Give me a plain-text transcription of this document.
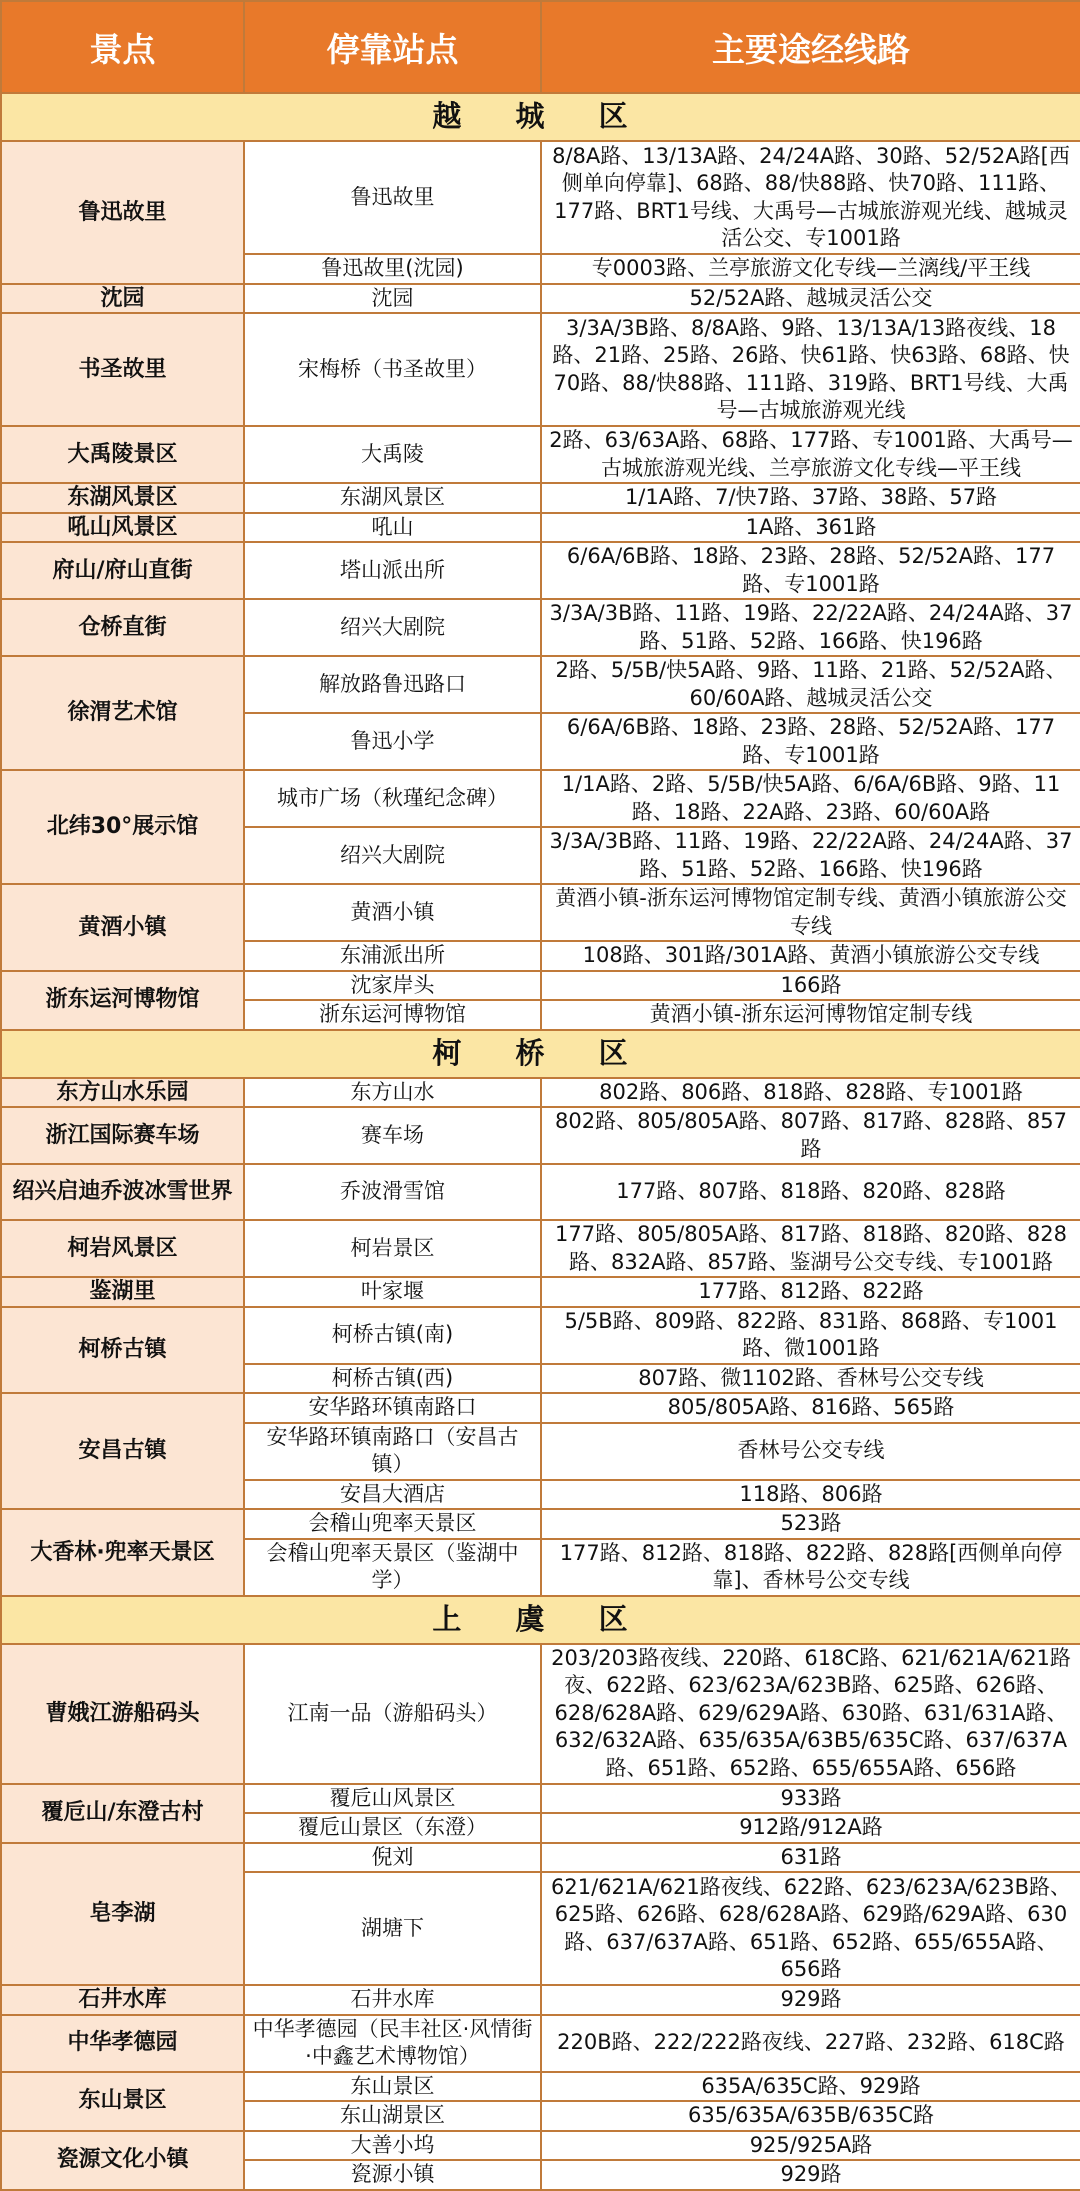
景点	停靠站点	主要途经线路
越 城 区		
鲁迅故里	鲁迅故里	8/8A路、13/13A路、24/24A路、30路、52/52A路[西侧单向停靠]、68路、88/快88路、快70路、111路、177路、BRT1号线、大禹号—古城旅游观光线、越城灵活公交、专1001路
	鲁迅故里(沈园)	专0003路、兰亭旅游文化专线—兰漓线/平王线
沈园	沈园	52/52A路、越城灵活公交
书圣故里	宋梅桥（书圣故里）	3/3A/3B路、8/8A路、9路、13/13A/13路夜线、18路、21路、25路、26路、快61路、快63路、68路、快70路、88/快88路、111路、319路、BRT1号线、大禹号—古城旅游观光线
大禹陵景区	大禹陵	2路、63/63A路、68路、177路、专1001路、大禹号—古城旅游观光线、兰亭旅游文化专线—平王线
东湖风景区	东湖风景区	1/1A路、7/快7路、37路、38路、57路
吼山风景区	吼山	1A路、361路
府山/府山直街	塔山派出所	6/6A/6B路、18路、23路、28路、52/52A路、177路、专1001路
仓桥直街	绍兴大剧院	3/3A/3B路、11路、19路、22/22A路、24/24A路、37路、51路、52路、166路、快196路
徐渭艺术馆	解放路鲁迅路口	2路、5/5B/快5A路、9路、11路、21路、52/52A路、60/60A路、越城灵活公交
	鲁迅小学	6/6A/6B路、18路、23路、28路、52/52A路、177路、专1001路
北纬30°展示馆	城市广场（秋瑾纪念碑）	1/1A路、2路、5/5B/快5A路、6/6A/6B路、9路、11路、18路、22A路、23路、60/60A路
	绍兴大剧院	3/3A/3B路、11路、19路、22/22A路、24/24A路、37路、51路、52路、166路、快196路
黄酒小镇	黄酒小镇	黄酒小镇-浙东运河博物馆定制专线、黄酒小镇旅游公交专线
	东浦派出所	108路、301路/301A路、黄酒小镇旅游公交专线
浙东运河博物馆	沈家岸头	166路
	浙东运河博物馆	黄酒小镇-浙东运河博物馆定制专线
柯 桥 区		
东方山水乐园	东方山水	802路、806路、818路、828路、专1001路
浙江国际赛车场	赛车场	802路、805/805A路、807路、817路、828路、857路
绍兴启迪乔波冰雪世界	乔波滑雪馆	177路、807路、818路、820路、828路
柯岩风景区	柯岩景区	177路、805/805A路、817路、818路、820路、828路、832A路、857路、鉴湖号公交专线、专1001路
鉴湖里	叶家堰	177路、812路、822路
柯桥古镇	柯桥古镇(南)	5/5B路、809路、822路、831路、868路、专1001路、微1001路
	柯桥古镇(西)	807路、微1102路、香林号公交专线
安昌古镇	安华路环镇南路口	805/805A路、816路、565路
	安华路环镇南路口（安昌古镇）	香林号公交专线
	安昌大酒店	118路、806路
大香林·兜率天景区	会稽山兜率天景区	523路
	会稽山兜率天景区（鉴湖中学）	177路、812路、818路、822路、828路[西侧单向停靠]、香林号公交专线
上 虞 区		
曹娥江游船码头	江南一品（游船码头）	203/203路夜线、220路、618C路、621/621A/621路夜、622路、623/623A/623B路、625路、626路、628/628A路、629/629A路、630路、631/631A路、632/632A路、635/635A/63B5/635C路、637/637A路、651路、652路、655/655A路、656路
覆卮山/东澄古村	覆卮山风景区	933路
	覆卮山景区（东澄）	912路/912A路
皂李湖	倪刘	631路
	湖塘下	621/621A/621路夜线、622路、623/623A/623B路、625路、626路、628/628A路、629路/629A路、630路、637/637A路、651路、652路、655/655A路、656路
石井水库	石井水库	929路
中华孝德园	中华孝德园（民丰社区·风情街·中鑫艺术博物馆）	220B路、222/222路夜线、227路、232路、618C路
东山景区	东山景区	635A/635C路、929路
	东山湖景区	635/635A/635B/635C路
瓷源文化小镇	大善小坞	925/925A路
	瓷源小镇	929路
